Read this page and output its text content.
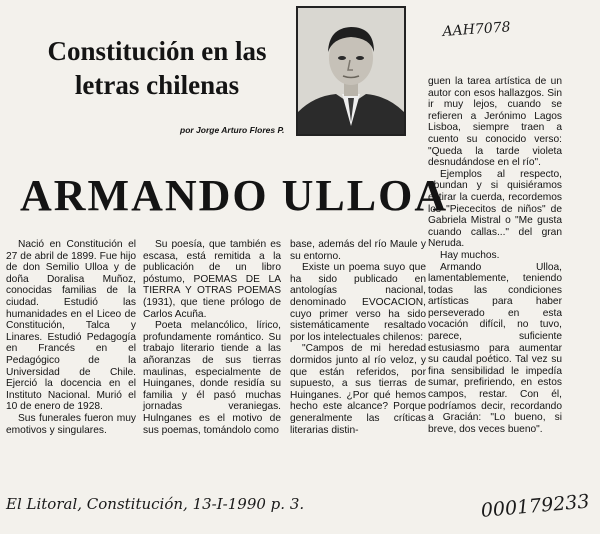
Constitución en las letras chilenas
por Jorge Arturo Flores P.
ARMANDO ULLOA

Nació en Constitución el 27 de abril de 1899. Fue hijo de don Semilio Ulloa y de doña Doralisa Muñoz, conocidas familias de la ciudad. Estudió las humanidades en el Liceo de Constitución, Talca y Linares. Estudió Pedagogía en Francés en el Pedagógico de la Universidad de Chile. Ejerció la docencia en el Instituto Nacional. Murió el 10 de enero de 1928.

Sus funerales fueron muy emotivos y singulares.

Su poesía, que también es escasa, está remitida a la publicación de un libro póstumo, POEMAS DE LA TIERRA Y OTRAS POEMAS (1931), que tiene prólogo de Carlos Acuña.

Poeta melancólico, lírico, profundamente romántico. Su trabajo literario tiende a las añoranzas de sus tierras maulinas, especialmente de Huinganes, donde residía su familia y él pasó muchas jornadas veraniegas. Hulnganes es el motivo de sus poemas, tomándolo como

base, además del río Maule y su entorno.

Existe un poema suyo que ha sido publicado en antologías nacional, denominado EVOCACION, cuyo primer verso ha sido sistemáticamente resaltado por los intelectuales chilenos:

"Campos de mi heredad dormidos junto al río veloz, y que están referidos, por supuesto, a sus tierras de Huinganes. ¿Por qué hemos hecho este alcance? Porque generalmente las críticas literarias distin-

guen la tarea artística de un autor con esos hallazgos. Sin ir muy lejos, cuando se refieren a Jerónimo Lagos Lisboa, siempre traen a cuento su conocido verso: "Queda la tarde violeta desnudándose en el río".

Ejemplos al respecto, abundan y si quisiéramos estirar la cuerda, recordemos los "Piececitos de niños" de Gabriela Mistral o "Me gusta cuando callas..." del gran Neruda.

Hay muchos.

Armando Ulloa, lamentablemente, teniendo todas las condiciones artísticas para haber perseverado en esta vocación difícil, no tuvo, parece, suficiente estusiasmo para aumentar su caudal poético. Tal vez su fina sensibilidad le impedía sumar, prefiriendo, en estos campos, restar. Con él, podríamos decir, recordando a Gracián: "Lo bueno, si breve, dos veces bueno".

AAH7078
El Litoral, Constitución, 13-I-1990 p. 3.	000179233
